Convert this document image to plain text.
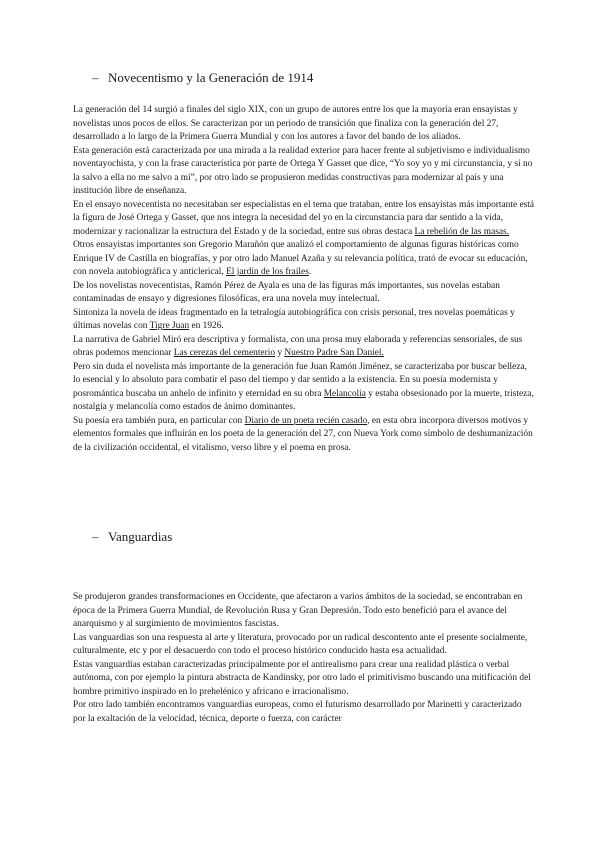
– Novecentismo y la Generación de 1914

La generación del 14 surgió a finales del siglo XIX, con un grupo de autores entre los que la mayoría eran ensayistas y novelistas unos pocos de ellos. Se caracterizan por un periodo de transición que finaliza con la generación del 27, desarrollado a lo largo de la Primera Guerra Mundial y con los autores a favor del bando de los aliados.

Esta generación está caracterizada por una mirada a la realidad exterior para hacer frente al subjetivismo e individualismo noventayochista, y con la frase característica por parte de Ortega Y Gasset que dice, “Yo soy yo y mi circunstancia, y si no la salvo a ella no me salvo a mí”, por otro lado se propusieron medidas constructivas para modernizar al país y una institución libre de enseñanza.

En el ensayo novecentista no necesitaban ser especialistas en el tema que trataban, entre los ensayistas más importante está la figura de José Ortega y Gasset, que nos integra la necesidad del yo en la circunstancia para dar sentido a la vida, modernizar y racionalizar la estructura del Estado y de la sociedad, entre sus obras destaca La rebelión de las masas.

Otros ensayistas importantes son Gregorio Marañón que analizó el comportamiento de algunas figuras históricas como Enrique IV de Castilla en biografías, y por otro lado Manuel Azaña y su relevancia política, trató de evocar su educación, con novela autobiográfica y anticlerical, El jardín de los frailes.

De los novelistas novecentistas, Ramón Pérez de Ayala es una de las figuras más importantes, sus novelas estaban contaminadas de ensayo y digresiones filosóficas, era una novela muy intelectual.

Sintoniza la novela de ideas fragmentado en la tetralogía autobiográfica con crisis personal, tres novelas poemáticas y últimas novelas con Tigre Juan en 1926.

La narrativa de Gabriel Miró era descriptiva y formalista, con una prosa muy elaborada y referencias sensoriales, de sus obras podemos mencionar Las cerezas del cementerio y Nuestro Padre San Daniel.

Pero sin duda el novelista más importante de la generación fue Juan Ramón Jiménez, se caracterizaba por buscar belleza, lo esencial y lo absoluto para combatir el paso del tiempo y dar sentido a la existencia. En su poesía modernista y posromántica buscaba un anhelo de infinito y eternidad en su obra Melancolía y estaba obsesionado por la muerte, tristeza, nostalgia y melancolía como estados de ánimo dominantes.

Su poesía era también pura, en particular con Diario de un poeta recién casado, en esta obra incorpora diversos motivos y elementos formales que influirán en los poeta de la generación del 27, con Nueva York como símbolo de deshumanización de la civilización occidental, el vitalismo, verso libre y el poema en prosa.

– Vanguardias

Se produjeron grandes transformaciones en Occidente, que afectaron a varios ámbitos de la sociedad, se encontraban en época de la Primera Guerra Mundial, de Revolución Rusa y Gran Depresión. Todo esto benefició para el avance del anarquismo y al surgimiento de movimientos fascistas.

Las vanguardias son una respuesta al arte y literatura, provocado por un radical descontento ante el presente socialmente, culturalmente, etc y por el desacuerdo con todo el proceso histórico conducido hasta esa actualidad.

Estas vanguardias estaban caracterizadas principalmente por el antirealismo para crear una realidad plástica o verbal autónoma, con por ejemplo la pintura abstracta de Kandinsky, por otro lado el primitivismo buscando una mitificación del hombre primitivo inspirado en lo prehelénico y africano e irracionalismo.

Por otro lado también encontramos vanguardias europeas, como el futurismo desarrollado por Marinetti y caracterizado por la exaltación de la velocidad, técnica, deporte o fuerza, con carácter
